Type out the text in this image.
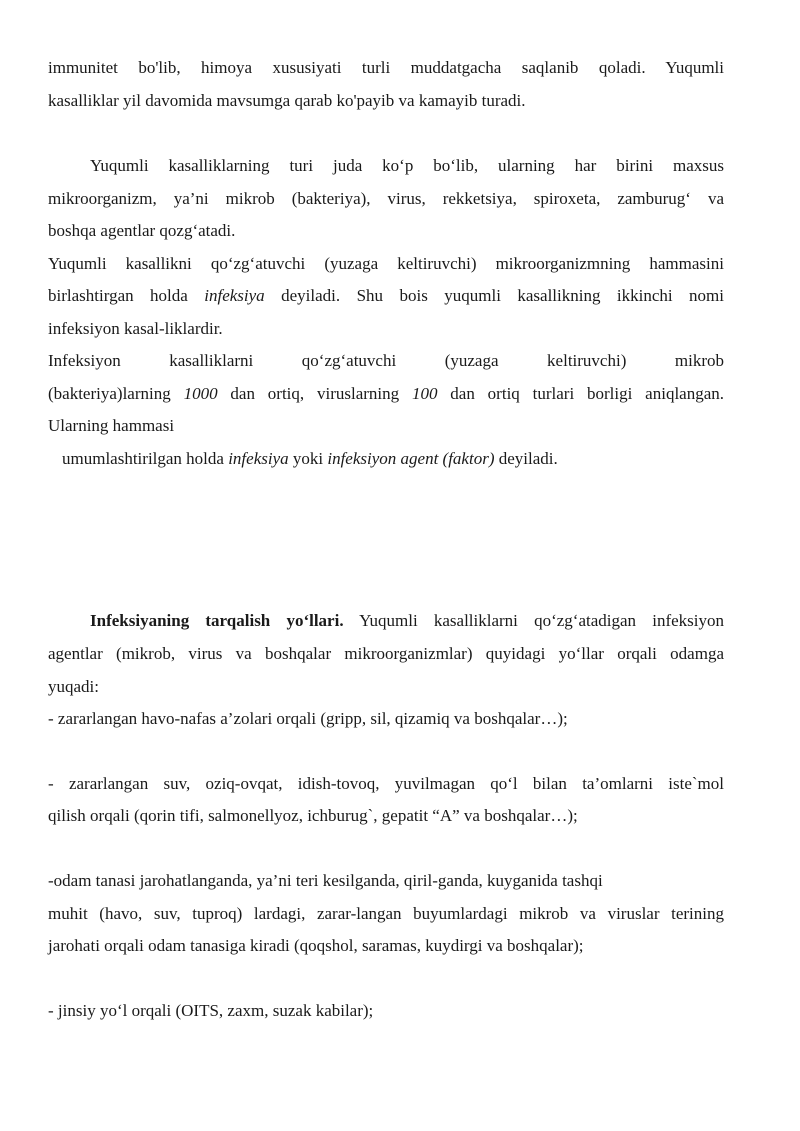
immunitet bo'lib, himoya xususiyati turli muddatgacha saqlanib qoladi. Yuqumli
kasalliklar yil davomida mavsumga qarab ko'payib va kamayib turadi.
Yuqumli kasalliklarning turi juda ko‘p bo‘lib, ularning har birini maxsus
mikroorganizm, ya’ni mikrob (bakteriya), virus, rekketsiya, spiroxeta, zamburug‘ va
boshqa agentlar qozg‘atadi.
Yuqumli kasallikni qo‘zg‘atuvchi (yuzaga keltiruvchi) mikroorganizmning hammasini
birlashtirgan holda infeksiya deyiladi. Shu bois yuqumli kasallikning ikkinchi nomi
infeksiyon kasal-liklardir.
Infeksiyon kasalliklarni qo‘zg‘atuvchi (yuzaga keltiruvchi) mikrob
(bakteriya)larning 1000 dan ortiq, viruslarning 100 dan ortiq turlari borligi aniqlangan.
Ularning hammasi
umumlashtirilgan holda infeksiya yoki infeksiyon agent (faktor) deyiladi.
Infeksiyaning tarqalish yo‘llari. Yuqumli kasalliklarni qo‘zg‘atadigan infeksiyon
agentlar (mikrob, virus va boshqalar mikroorganizmlar) quyidagi yo‘llar orqali odamga
yuqadi:
- zararlangan havo-nafas a’zolari orqali (gripp, sil, qizamiq va boshqalar…);
- zararlangan suv, oziq-ovqat, idish-tovoq, yuvilmagan qo‘l bilan ta’omlarni iste`mol
qilish orqali (qorin tifi, salmonellyoz, ichburug`, gepatit “A” va boshqalar…);
-odam tanasi jarohatlanganda, ya’ni teri kesilganda, qiril-ganda, kuyganida tashqi
muhit (havo, suv, tuproq) lardagi, zarar-langan buyumlardagi mikrob va viruslar terining
jarohati orqali odam tanasiga kiradi (qoqshol, saramas, kuydirgi va boshqalar);
- jinsiy yo‘l orqali (OITS, zaxm, suzak kabilar);
